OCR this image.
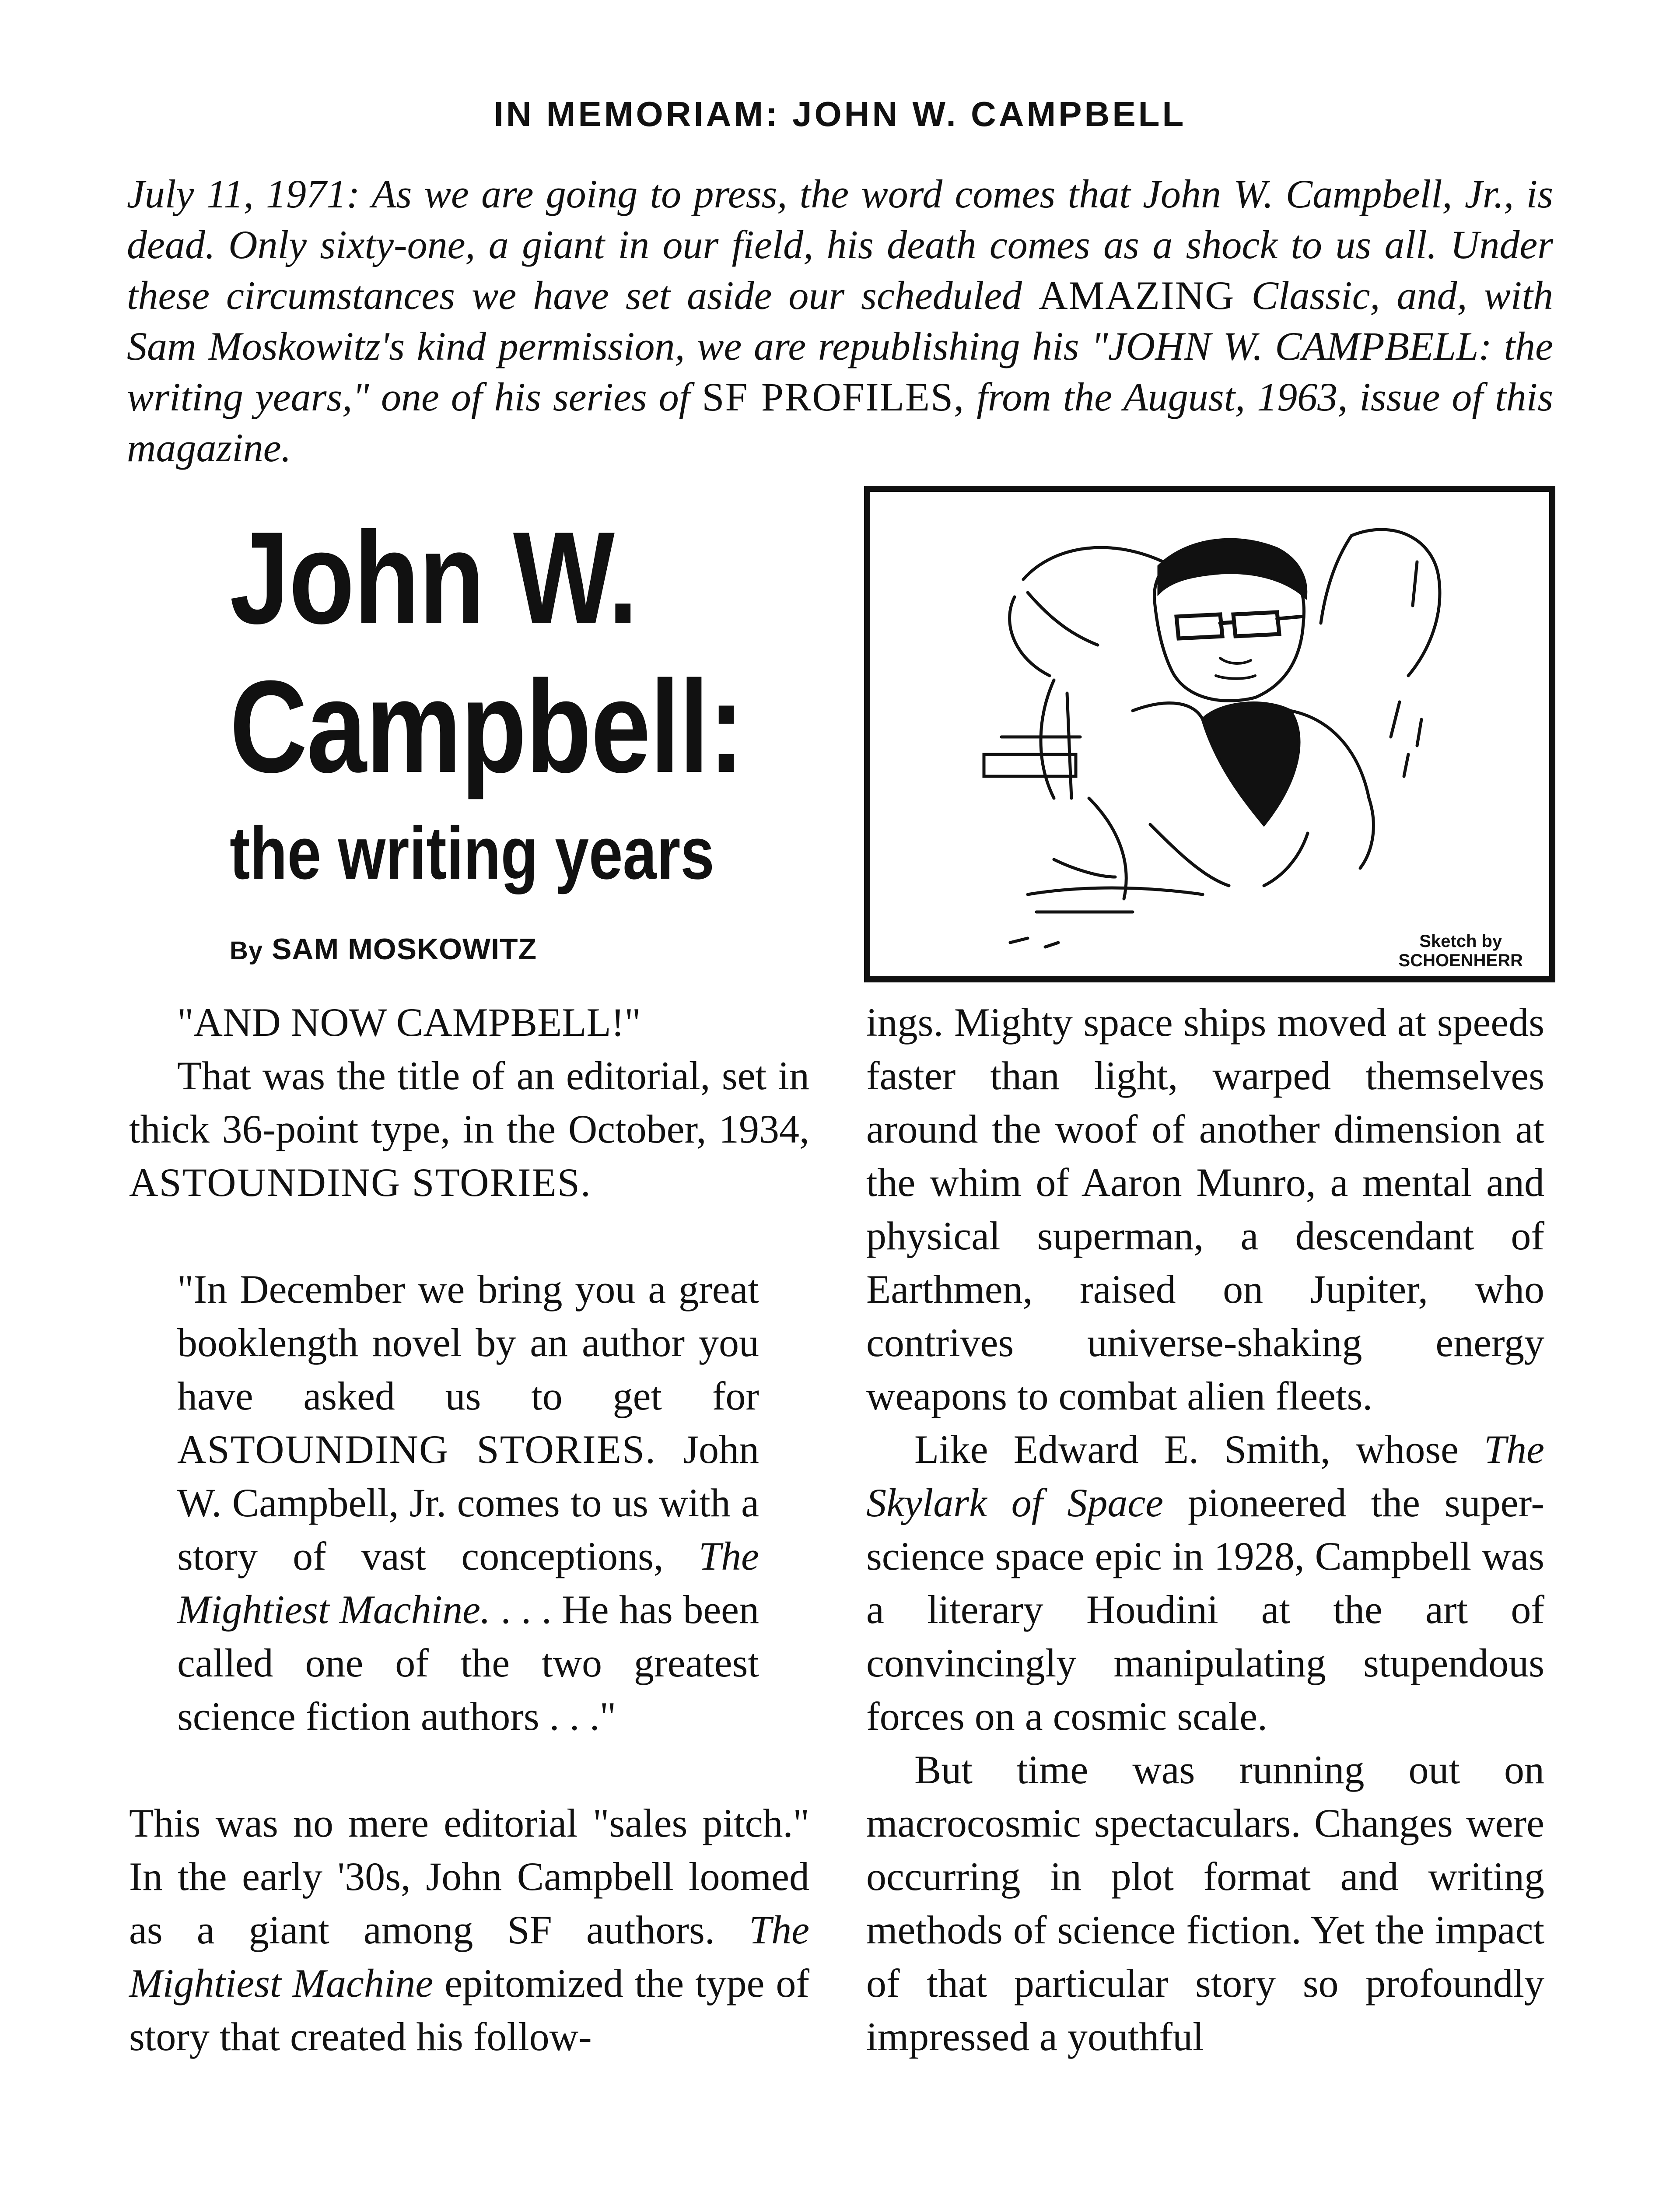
IN MEMORIAM: JOHN W. CAMPBELL
July 11, 1971: As we are going to press, the word comes that John W. Campbell, Jr., is dead. Only sixty-one, a giant in our field, his death comes as a shock to us all. Under these circumstances we have set aside our scheduled AMAZING Classic, and, with Sam Moskowitz's kind permission, we are republishing his "JOHN W. CAMPBELL: the writing years," one of his series of SF PROFILES, from the August, 1963, issue of this magazine.
John W.
Campbell:
the writing years
By SAM MOSKOWITZ	Sketch by
SCHOENHERR

"AND NOW CAMPBELL!"

That was the title of an editorial, set in thick 36-point type, in the October, 1934, ASTOUNDING STORIES.

"In December we bring you a great booklength novel by an author you have asked us to get for ASTOUNDING STORIES. John W. Campbell, Jr. comes to us with a story of vast conceptions, The Mightiest Machine. . . . He has been called one of the two greatest science fiction authors . . ."

This was no mere editorial "sales pitch." In the early '30s, John Campbell loomed as a giant among SF authors. The Mightiest Machine epitomized the type of story that created his follow-

ings. Mighty space ships moved at speeds faster than light, warped themselves around the woof of another dimension at the whim of Aaron Munro, a mental and physical superman, a descendant of Earthmen, raised on Jupiter, who contrives universe-shaking energy weapons to combat alien fleets.

Like Edward E. Smith, whose The Skylark of Space pioneered the super-science space epic in 1928, Campbell was a literary Houdini at the art of convincingly manipulating stupendous forces on a cosmic scale.

But time was running out on macrocosmic spectaculars. Changes were occurring in plot format and writing methods of science fiction. Yet the impact of that particular story so profoundly impressed a youthful
